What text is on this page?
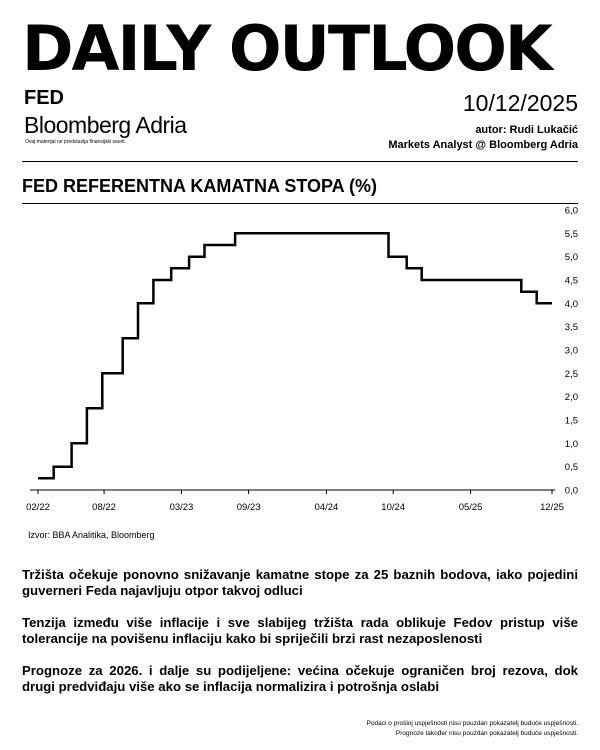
DAILY OUTLOOK
FED
Bloomberg Adria
Ovaj materijal ne predstavlja finansijski savet.
10/12/2025
autor: Rudi Lukačić
Markets Analyst @ Bloomberg Adria
FED REFERENTNA KAMATNA STOPA (%)
0,0
0,5
1,0
1,5
2,0
2,5
3,0
3,5
4,0
4,5
5,0
5,5
6,0
02/22	08/22	03/23	09/23	04/24	10/24	05/25	12/25
Izvor: BBA Analitika, Bloomberg
Tržišta očekuje ponovno snižavanje kamatne stope za 25 baznih bodova, iako pojedini guverneri Feda najavljuju otpor takvoj odluci
Tenzija između više inflacije i sve slabijeg tržišta rada oblikuje Fedov pristup više tolerancije na povišenu inflaciju kako bi spriječili brzi rast nezaposlenosti
Prognoze za 2026. i dalje su podijeljene: većina očekuje ograničen broj rezova, dok drugi predviđaju više ako se inflacija normalizira i potrošnja oslabi
Podaci o prošloj uspješnosti nisu pouzdan pokazatelj buduće uspješnosti.
Prognoze također nisu pouzdan pokazatelj buduće uspješnosti.
